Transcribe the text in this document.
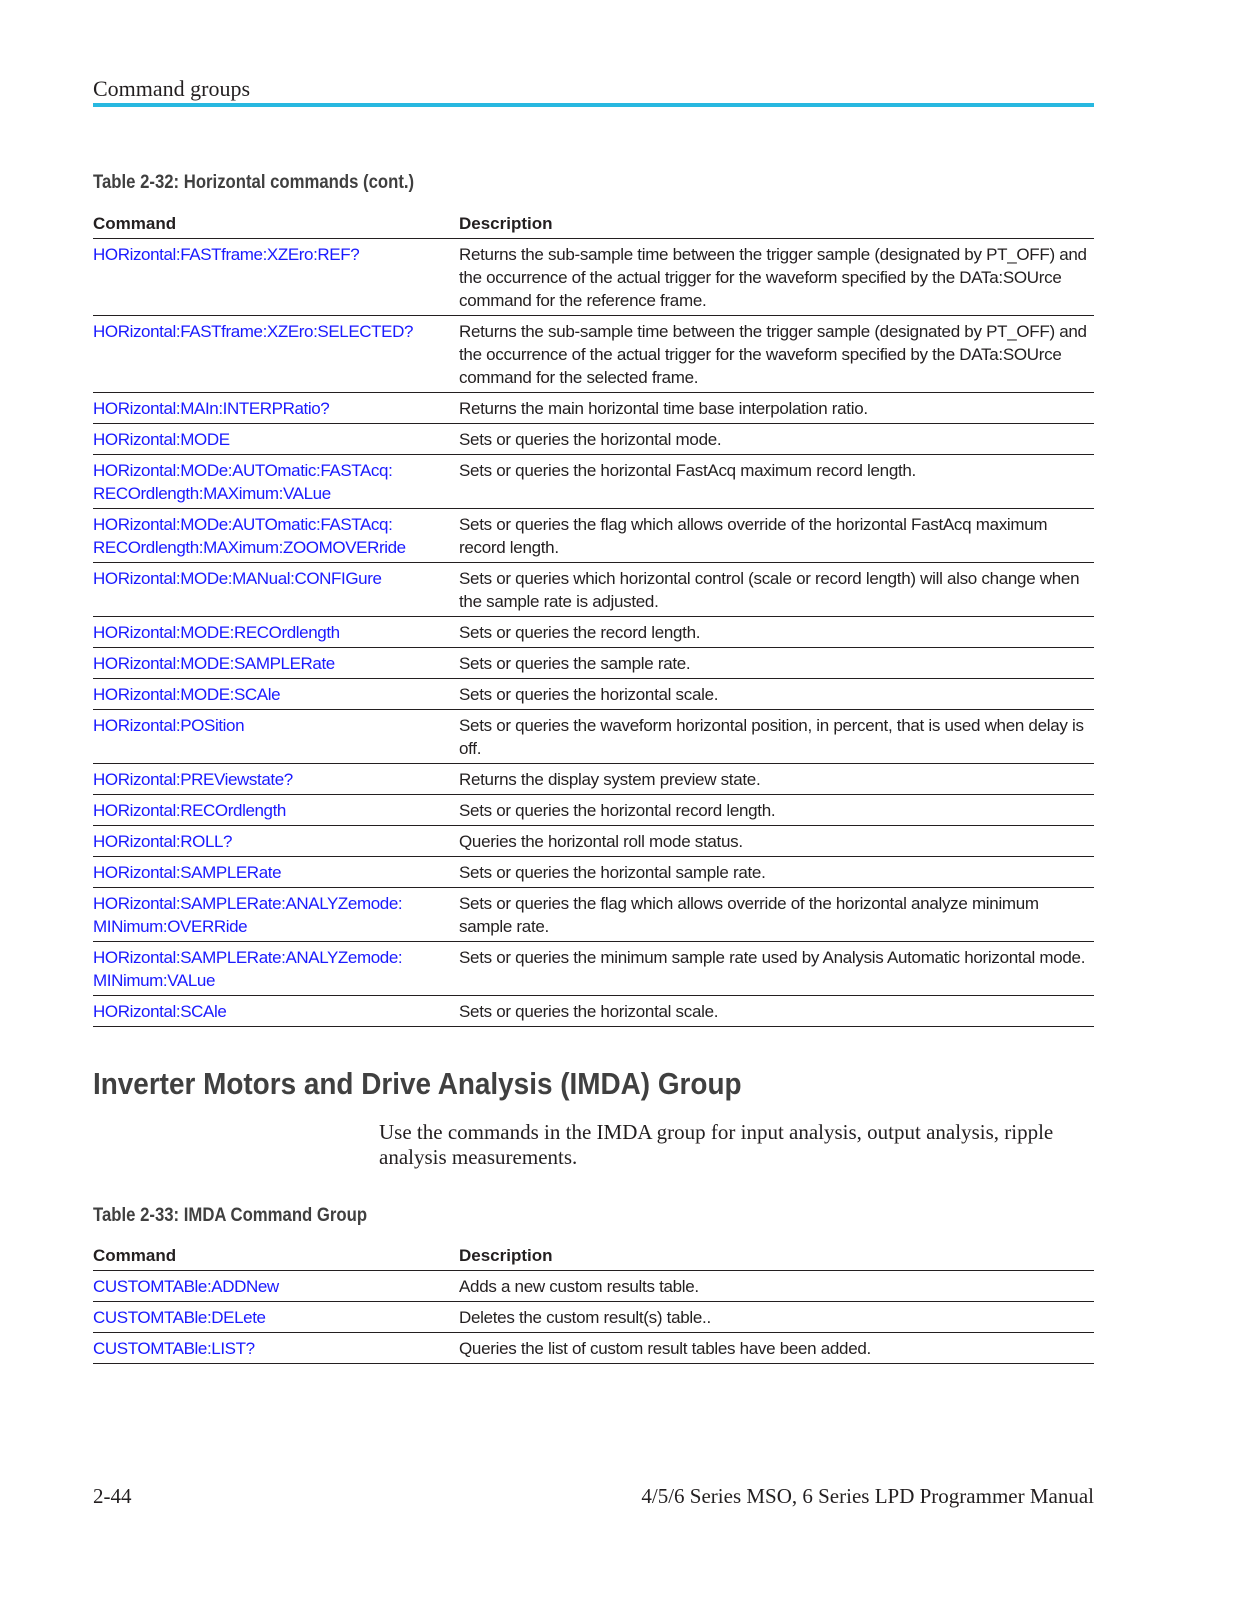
Command groups
Table 2-32: Horizontal commands (cont.)
Command	Description
HORizontal:FASTframe:XZEro:REF?	Returns the sub-sample time between the trigger sample (designated by PT_OFF) and the occurrence of the actual trigger for the waveform specified by the DATa:SOUrce command for the reference frame.
HORizontal:FASTframe:XZEro:SELECTED?	Returns the sub-sample time between the trigger sample (designated by PT_OFF) and the occurrence of the actual trigger for the waveform specified by the DATa:SOUrce command for the selected frame.
HORizontal:MAIn:INTERPRatio?	Returns the main horizontal time base interpolation ratio.
HORizontal:MODE	Sets or queries the horizontal mode.
HORizontal:MODe:AUTOmatic:FASTAcq:
RECOrdlength:MAXimum:VALue	Sets or queries the horizontal FastAcq maximum record length.
HORizontal:MODe:AUTOmatic:FASTAcq:
RECOrdlength:MAXimum:ZOOMOVERride	Sets or queries the flag which allows override of the horizontal FastAcq maximum record length.
HORizontal:MODe:MANual:CONFIGure	Sets or queries which horizontal control (scale or record length) will also change when the sample rate is adjusted.
HORizontal:MODE:RECOrdlength	Sets or queries the record length.
HORizontal:MODE:SAMPLERate	Sets or queries the sample rate.
HORizontal:MODE:SCAle	Sets or queries the horizontal scale.
HORizontal:POSition	Sets or queries the waveform horizontal position, in percent, that is used when delay is off.
HORizontal:PREViewstate?	Returns the display system preview state.
HORizontal:RECOrdlength	Sets or queries the horizontal record length.
HORizontal:ROLL?	Queries the horizontal roll mode status.
HORizontal:SAMPLERate	Sets or queries the horizontal sample rate.
HORizontal:SAMPLERate:ANALYZemode:
MINimum:OVERRide	Sets or queries the flag which allows override of the horizontal analyze minimum sample rate.
HORizontal:SAMPLERate:ANALYZemode:
MINimum:VALue	Sets or queries the minimum sample rate used by Analysis Automatic horizontal mode.
HORizontal:SCAle	Sets or queries the horizontal scale.
Inverter Motors and Drive Analysis (IMDA) Group
Use the commands in the IMDA group for input analysis, output analysis, ripple analysis measurements.
Table 2-33: IMDA Command Group
Command	Description
CUSTOMTABle:ADDNew	Adds a new custom results table.
CUSTOMTABle:DELete	Deletes the custom result(s) table..
CUSTOMTABle:LIST?	Queries the list of custom result tables have been added.
2-44	4/5/6 Series MSO, 6 Series LPD Programmer Manual
